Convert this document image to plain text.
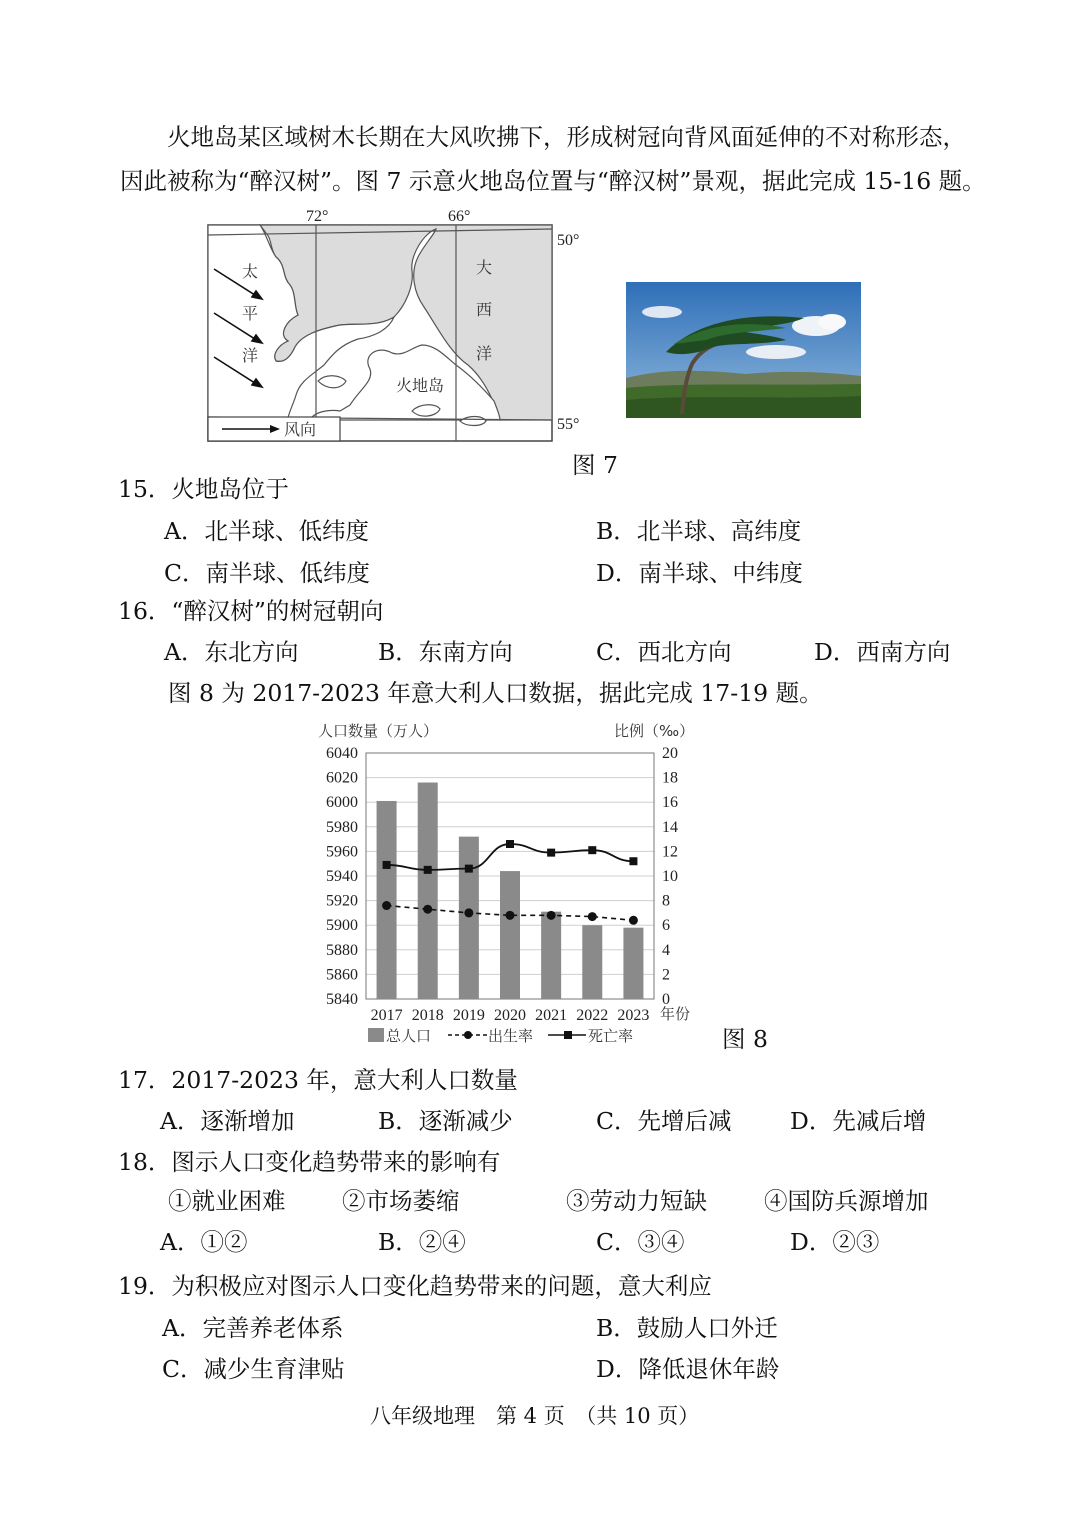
火地岛某区域树木长期在大风吹拂下，形成树冠向背风面延伸的不对称形态，
因此被称为“醉汉树”。图 7 示意火地岛位置与“醉汉树”景观，据此完成 15-16 题。
72°	66°
50°
55°
太
平
洋
大
西
洋
火地岛
风向
图 7
15．火地岛位于
A．北半球、低纬度	B．北半球、高纬度
C．南半球、低纬度	D．南半球、中纬度
16．“醉汉树”的树冠朝向
A．东北方向	B．东南方向	C．西北方向	D．西南方向
图 8 为 2017-2023 年意大利人口数据，据此完成 17-19 题。
6040
6020
6000
5980
5960
5940
5920
5900
5880
5860
5840
20
18
16
14
12
10
8
6
4
2
0
2017 2018 2019 2020 2021 2022 2023
人口数量（万人）	比例（‰）
年份
总人口	出生率	死亡率	图 8
17．2017-2023 年，意大利人口数量
A．逐渐增加	B．逐渐减少	C．先增后减 D．先减后增
18．图示人口变化趋势带来的影响有
①就业困难 ②市场萎缩	③劳动力短缺 ④国防兵源增加
A．①②	B．②④	C．③④	D．②③
19．为积极应对图示人口变化趋势带来的问题，意大利应
A．完善养老体系	B．鼓励人口外迁
C．减少生育津贴	D．降低退休年龄
八年级地理　第 4 页　（共 10 页）
